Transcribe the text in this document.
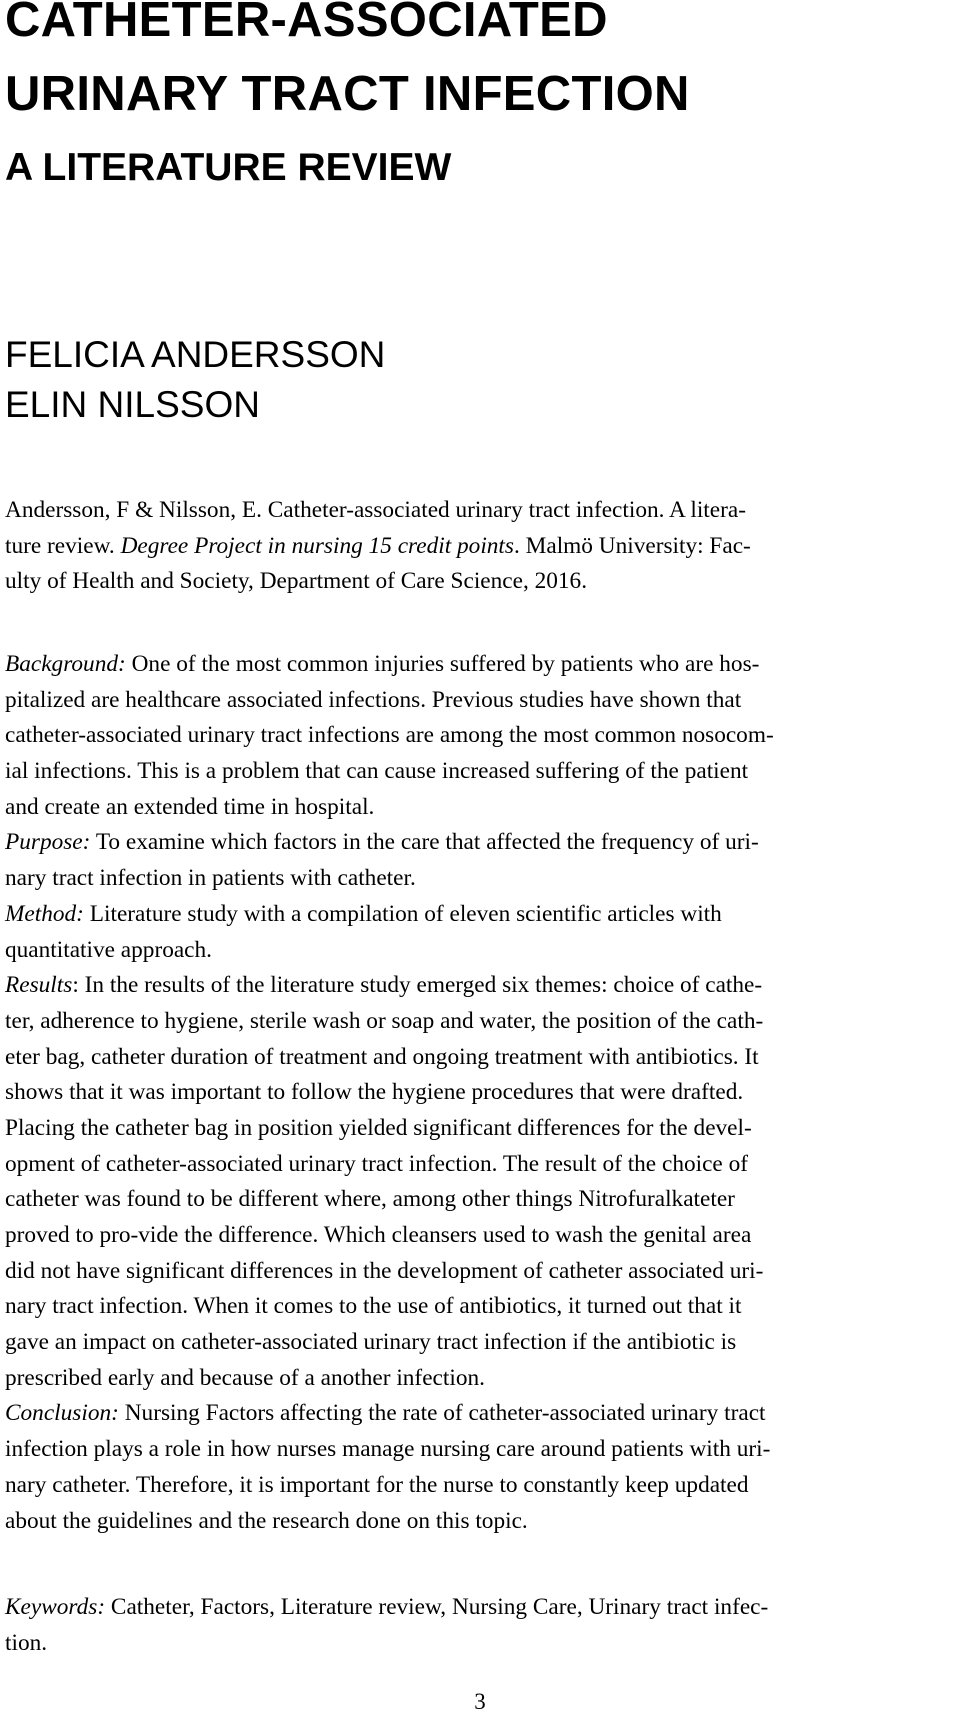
CATHETER-ASSOCIATED
URINARY TRACT INFECTION
A LITERATURE REVIEW
FELICIA ANDERSSON
ELIN NILSSON
Andersson, F & Nilsson, E. Catheter-associated urinary tract infection. A litera-
ture review. Degree Project in nursing 15 credit points. Malmö University: Fac-
ulty of Health and Society, Department of Care Science, 2016.
Background: One of the most common injuries suffered by patients who are hos-
pitalized are healthcare associated infections. Previous studies have shown that
catheter-associated urinary tract infections are among the most common nosocom-
ial infections. This is a problem that can cause increased suffering of the patient
and create an extended time in hospital.
Purpose: To examine which factors in the care that affected the frequency of uri-
nary tract infection in patients with catheter.
Method: Literature study with a compilation of eleven scientific articles with
quantitative approach.
Results: In the results of the literature study emerged six themes: choice of cathe-
ter, adherence to hygiene, sterile wash or soap and water, the position of the cath-
eter bag, catheter duration of treatment and ongoing treatment with antibiotics. It
shows that it was important to follow the hygiene procedures that were drafted.
Placing the catheter bag in position yielded significant differences for the devel-
opment of catheter-associated urinary tract infection. The result of the choice of
catheter was found to be different where, among other things Nitrofuralkateter
proved to pro-vide the difference. Which cleansers used to wash the genital area
did not have significant differences in the development of catheter associated uri-
nary tract infection. When it comes to the use of antibiotics, it turned out that it
gave an impact on catheter-associated urinary tract infection if the antibiotic is
prescribed early and because of a another infection.
Conclusion: Nursing Factors affecting the rate of catheter-associated urinary tract
infection plays a role in how nurses manage nursing care around patients with uri-
nary catheter. Therefore, it is important for the nurse to constantly keep updated
about the guidelines and the research done on this topic.
Keywords: Catheter, Factors, Literature review, Nursing Care, Urinary tract infec-
tion.
3
